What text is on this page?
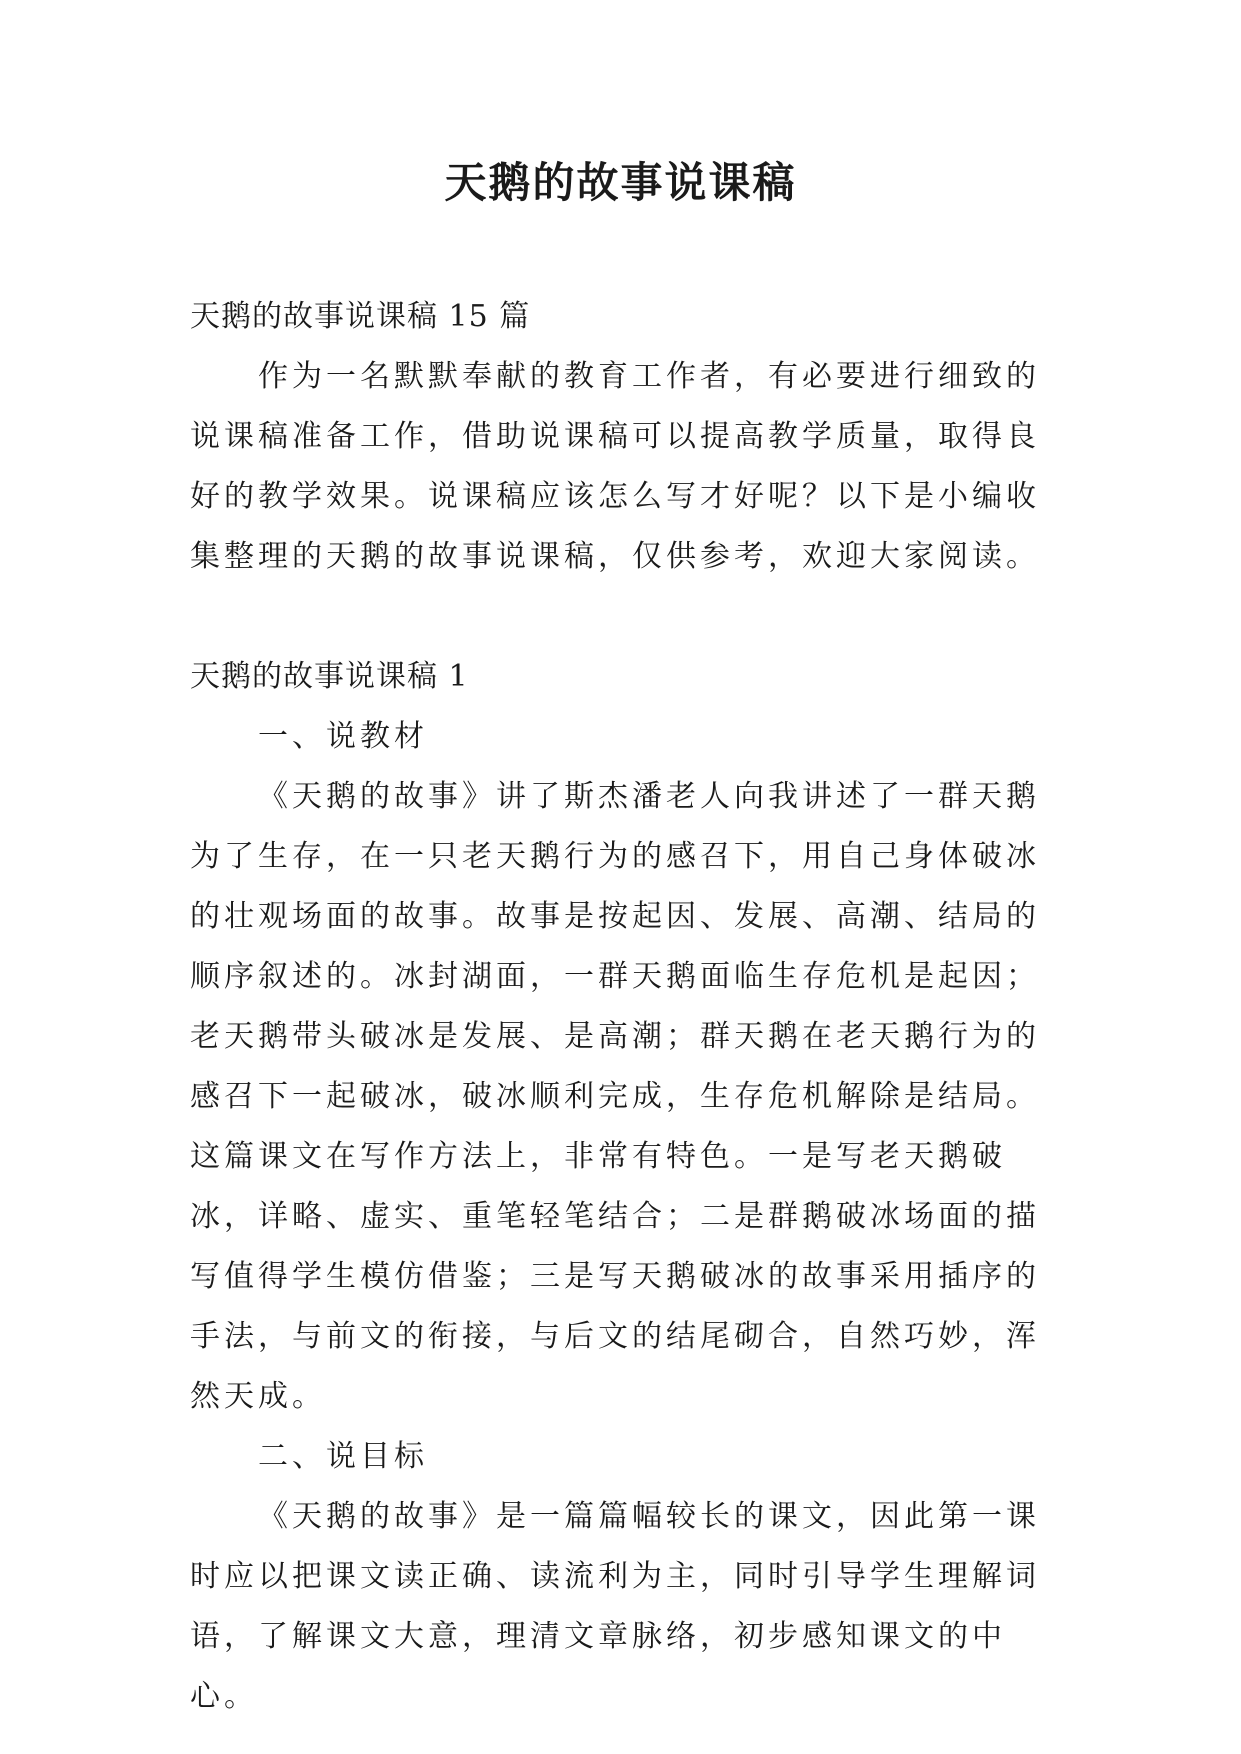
天鹅的故事说课稿

天鹅的故事说课稿 15 篇

作为一名默默奉献的教育工作者，有必要进行细致的说课稿准备工作，借助说课稿可以提高教学质量，取得良好的教学效果。说课稿应该怎么写才好呢？以下是小编收集整理的天鹅的故事说课稿，仅供参考，欢迎大家阅读。

天鹅的故事说课稿 1

一、说教材

《天鹅的故事》讲了斯杰潘老人向我讲述了一群天鹅为了生存，在一只老天鹅行为的感召下，用自己身体破冰的壮观场面的故事。故事是按起因、发展、高潮、结局的顺序叙述的。冰封湖面，一群天鹅面临生存危机是起因；老天鹅带头破冰是发展、是高潮；群天鹅在老天鹅行为的感召下一起破冰，破冰顺利完成，生存危机解除是结局。这篇课文在写作方法上，非常有特色。一是写老天鹅破冰，详略、虚实、重笔轻笔结合；二是群鹅破冰场面的描写值得学生模仿借鉴；三是写天鹅破冰的故事采用插序的手法，与前文的衔接，与后文的结尾砌合，自然巧妙，浑然天成。

二、说目标

《天鹅的故事》是一篇篇幅较长的课文，因此第一课时应以把课文读正确、读流利为主，同时引导学生理解词语，了解课文大意，理清文章脉络，初步感知课文的中心。
